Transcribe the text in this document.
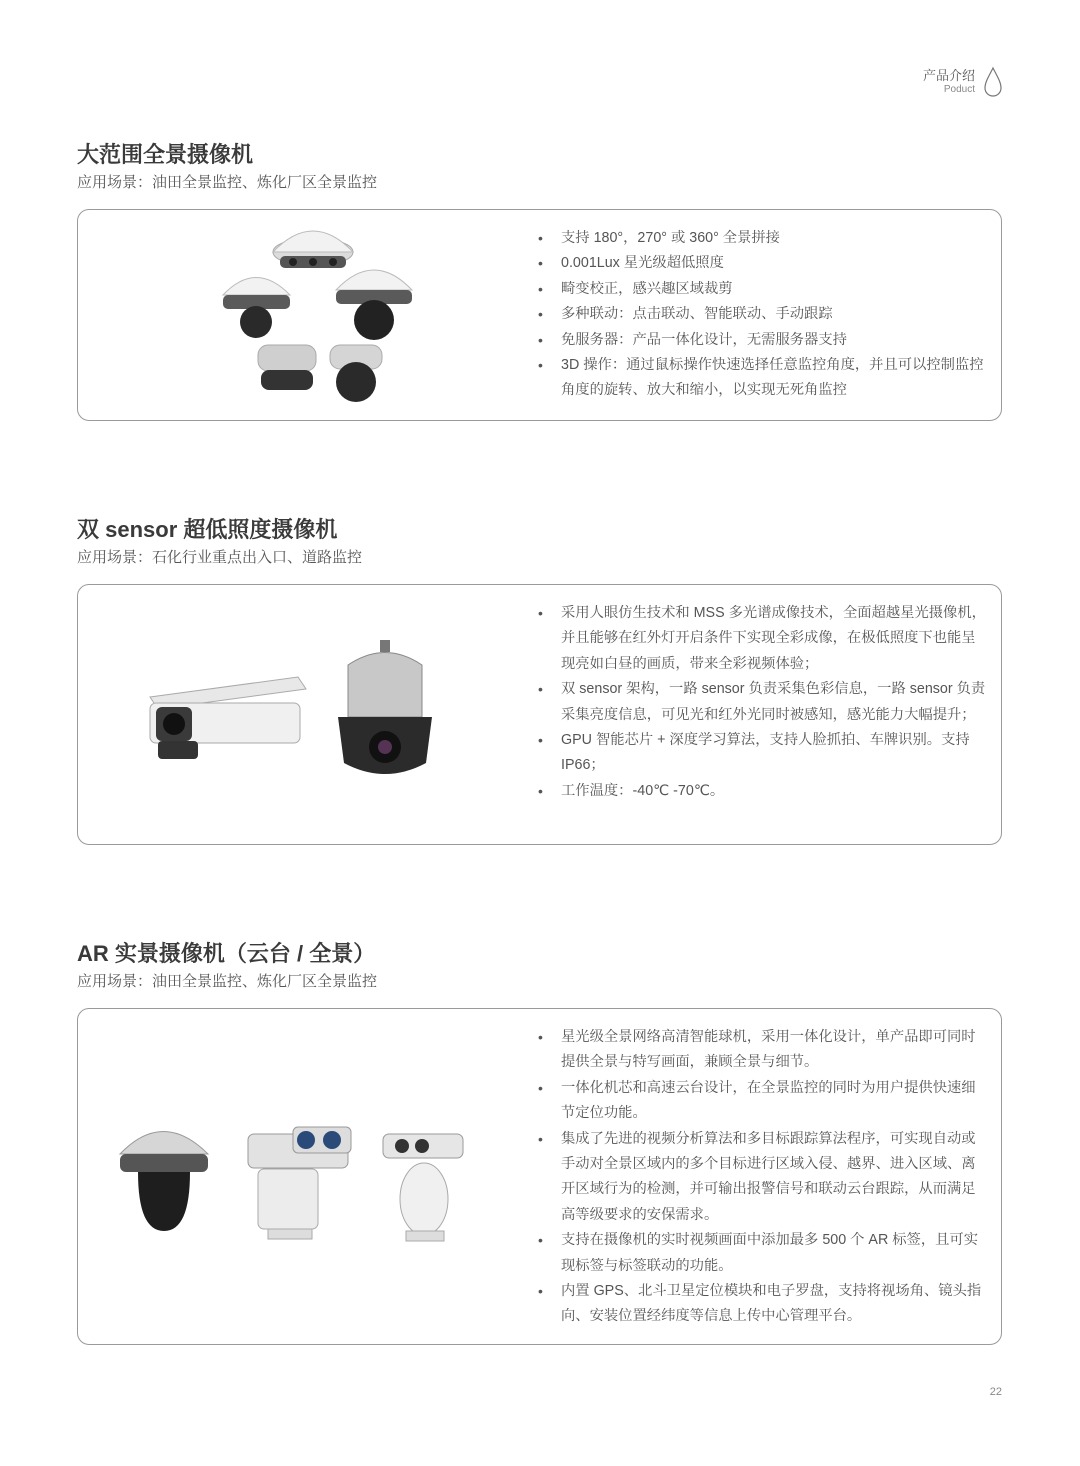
产品介绍
Poduct
大范围全景摄像机
应用场景：油田全景监控、炼化厂区全景监控
• 支持 180°，270° 或 360° 全景拼接
• 0.001Lux 星光级超低照度
• 畸变校正，感兴趣区域裁剪
• 多种联动：点击联动、智能联动、手动跟踪
• 免服务器：产品一体化设计，无需服务器支持
• 3D 操作：通过鼠标操作快速选择任意监控角度，并且可以控制监控角度的旋转、放大和缩小，以实现无死角监控
双 sensor 超低照度摄像机
应用场景：石化行业重点出入口、道路监控
• 采用人眼仿生技术和 MSS 多光谱成像技术，全面超越星光摄像机，并且能够在红外灯开启条件下实现全彩成像，在极低照度下也能呈现亮如白昼的画质，带来全彩视频体验；
• 双 sensor 架构，一路 sensor 负责采集色彩信息，一路 sensor 负责采集亮度信息，可见光和红外光同时被感知，感光能力大幅提升；
• GPU 智能芯片 + 深度学习算法，支持人脸抓拍、车牌识别。支持 IP66；
• 工作温度：-40℃ -70℃。
AR 实景摄像机（云台 / 全景）
应用场景：油田全景监控、炼化厂区全景监控
• 星光级全景网络高清智能球机，采用一体化设计，单产品即可同时提供全景与特写画面，兼顾全景与细节。
• 一体化机芯和高速云台设计，在全景监控的同时为用户提供快速细节定位功能。
• 集成了先进的视频分析算法和多目标跟踪算法程序，可实现自动或手动对全景区域内的多个目标进行区域入侵、越界、进入区域、离开区域行为的检测，并可输出报警信号和联动云台跟踪，从而满足高等级要求的安保需求。
• 支持在摄像机的实时视频画面中添加最多 500 个 AR 标签，且可实现标签与标签联动的功能。
• 内置 GPS、北斗卫星定位模块和电子罗盘，支持将视场角、镜头指向、安装位置经纬度等信息上传中心管理平台。
22
